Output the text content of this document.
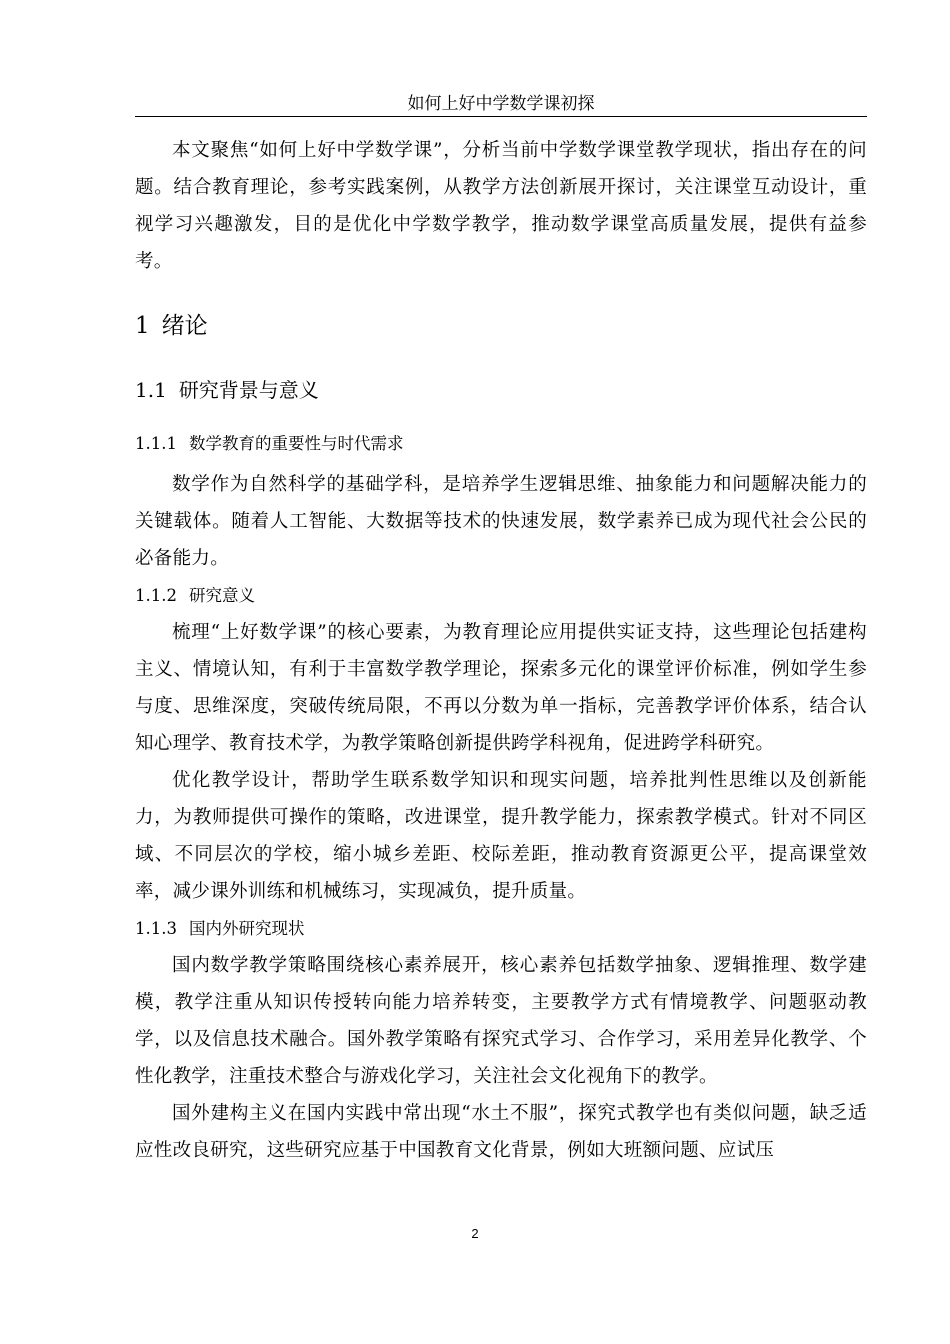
如何上好中学数学课初探

本文聚焦“如何上好中学数学课”，分析当前中学数学课堂教学现状，指出存在的问题。结合教育理论，参考实践案例，从教学方法创新展开探讨，关注课堂互动设计，重视学习兴趣激发，目的是优化中学数学教学，推动数学课堂高质量发展，提供有益参考。

1 绪论
1.1 研究背景与意义
1.1.1 数学教育的重要性与时代需求

数学作为自然科学的基础学科，是培养学生逻辑思维、抽象能力和问题解决能力的关键载体。随着人工智能、大数据等技术的快速发展，数学素养已成为现代社会公民的必备能力。

1.1.2 研究意义

梳理“上好数学课”的核心要素，为教育理论应用提供实证支持，这些理论包括建构主义、情境认知，有利于丰富数学教学理论，探索多元化的课堂评价标准，例如学生参与度、思维深度，突破传统局限，不再以分数为单一指标，完善教学评价体系，结合认知心理学、教育技术学，为教学策略创新提供跨学科视角，促进跨学科研究。

优化教学设计，帮助学生联系数学知识和现实问题，培养批判性思维以及创新能力，为教师提供可操作的策略，改进课堂，提升教学能力，探索教学模式。针对不同区域、不同层次的学校，缩小城乡差距、校际差距，推动教育资源更公平，提高课堂效率，减少课外训练和机械练习，实现减负，提升质量。

1.1.3 国内外研究现状

国内数学教学策略围绕核心素养展开，核心素养包括数学抽象、逻辑推理、数学建模，教学注重从知识传授转向能力培养转变，主要教学方式有情境教学、问题驱动教学，以及信息技术融合。国外教学策略有探究式学习、合作学习，采用差异化教学、个性化教学，注重技术整合与游戏化学习，关注社会文化视角下的教学。

国外建构主义在国内实践中常出现“水土不服”，探究式教学也有类似问题，缺乏适应性改良研究，这些研究应基于中国教育文化背景，例如大班额问题、应试压

2
